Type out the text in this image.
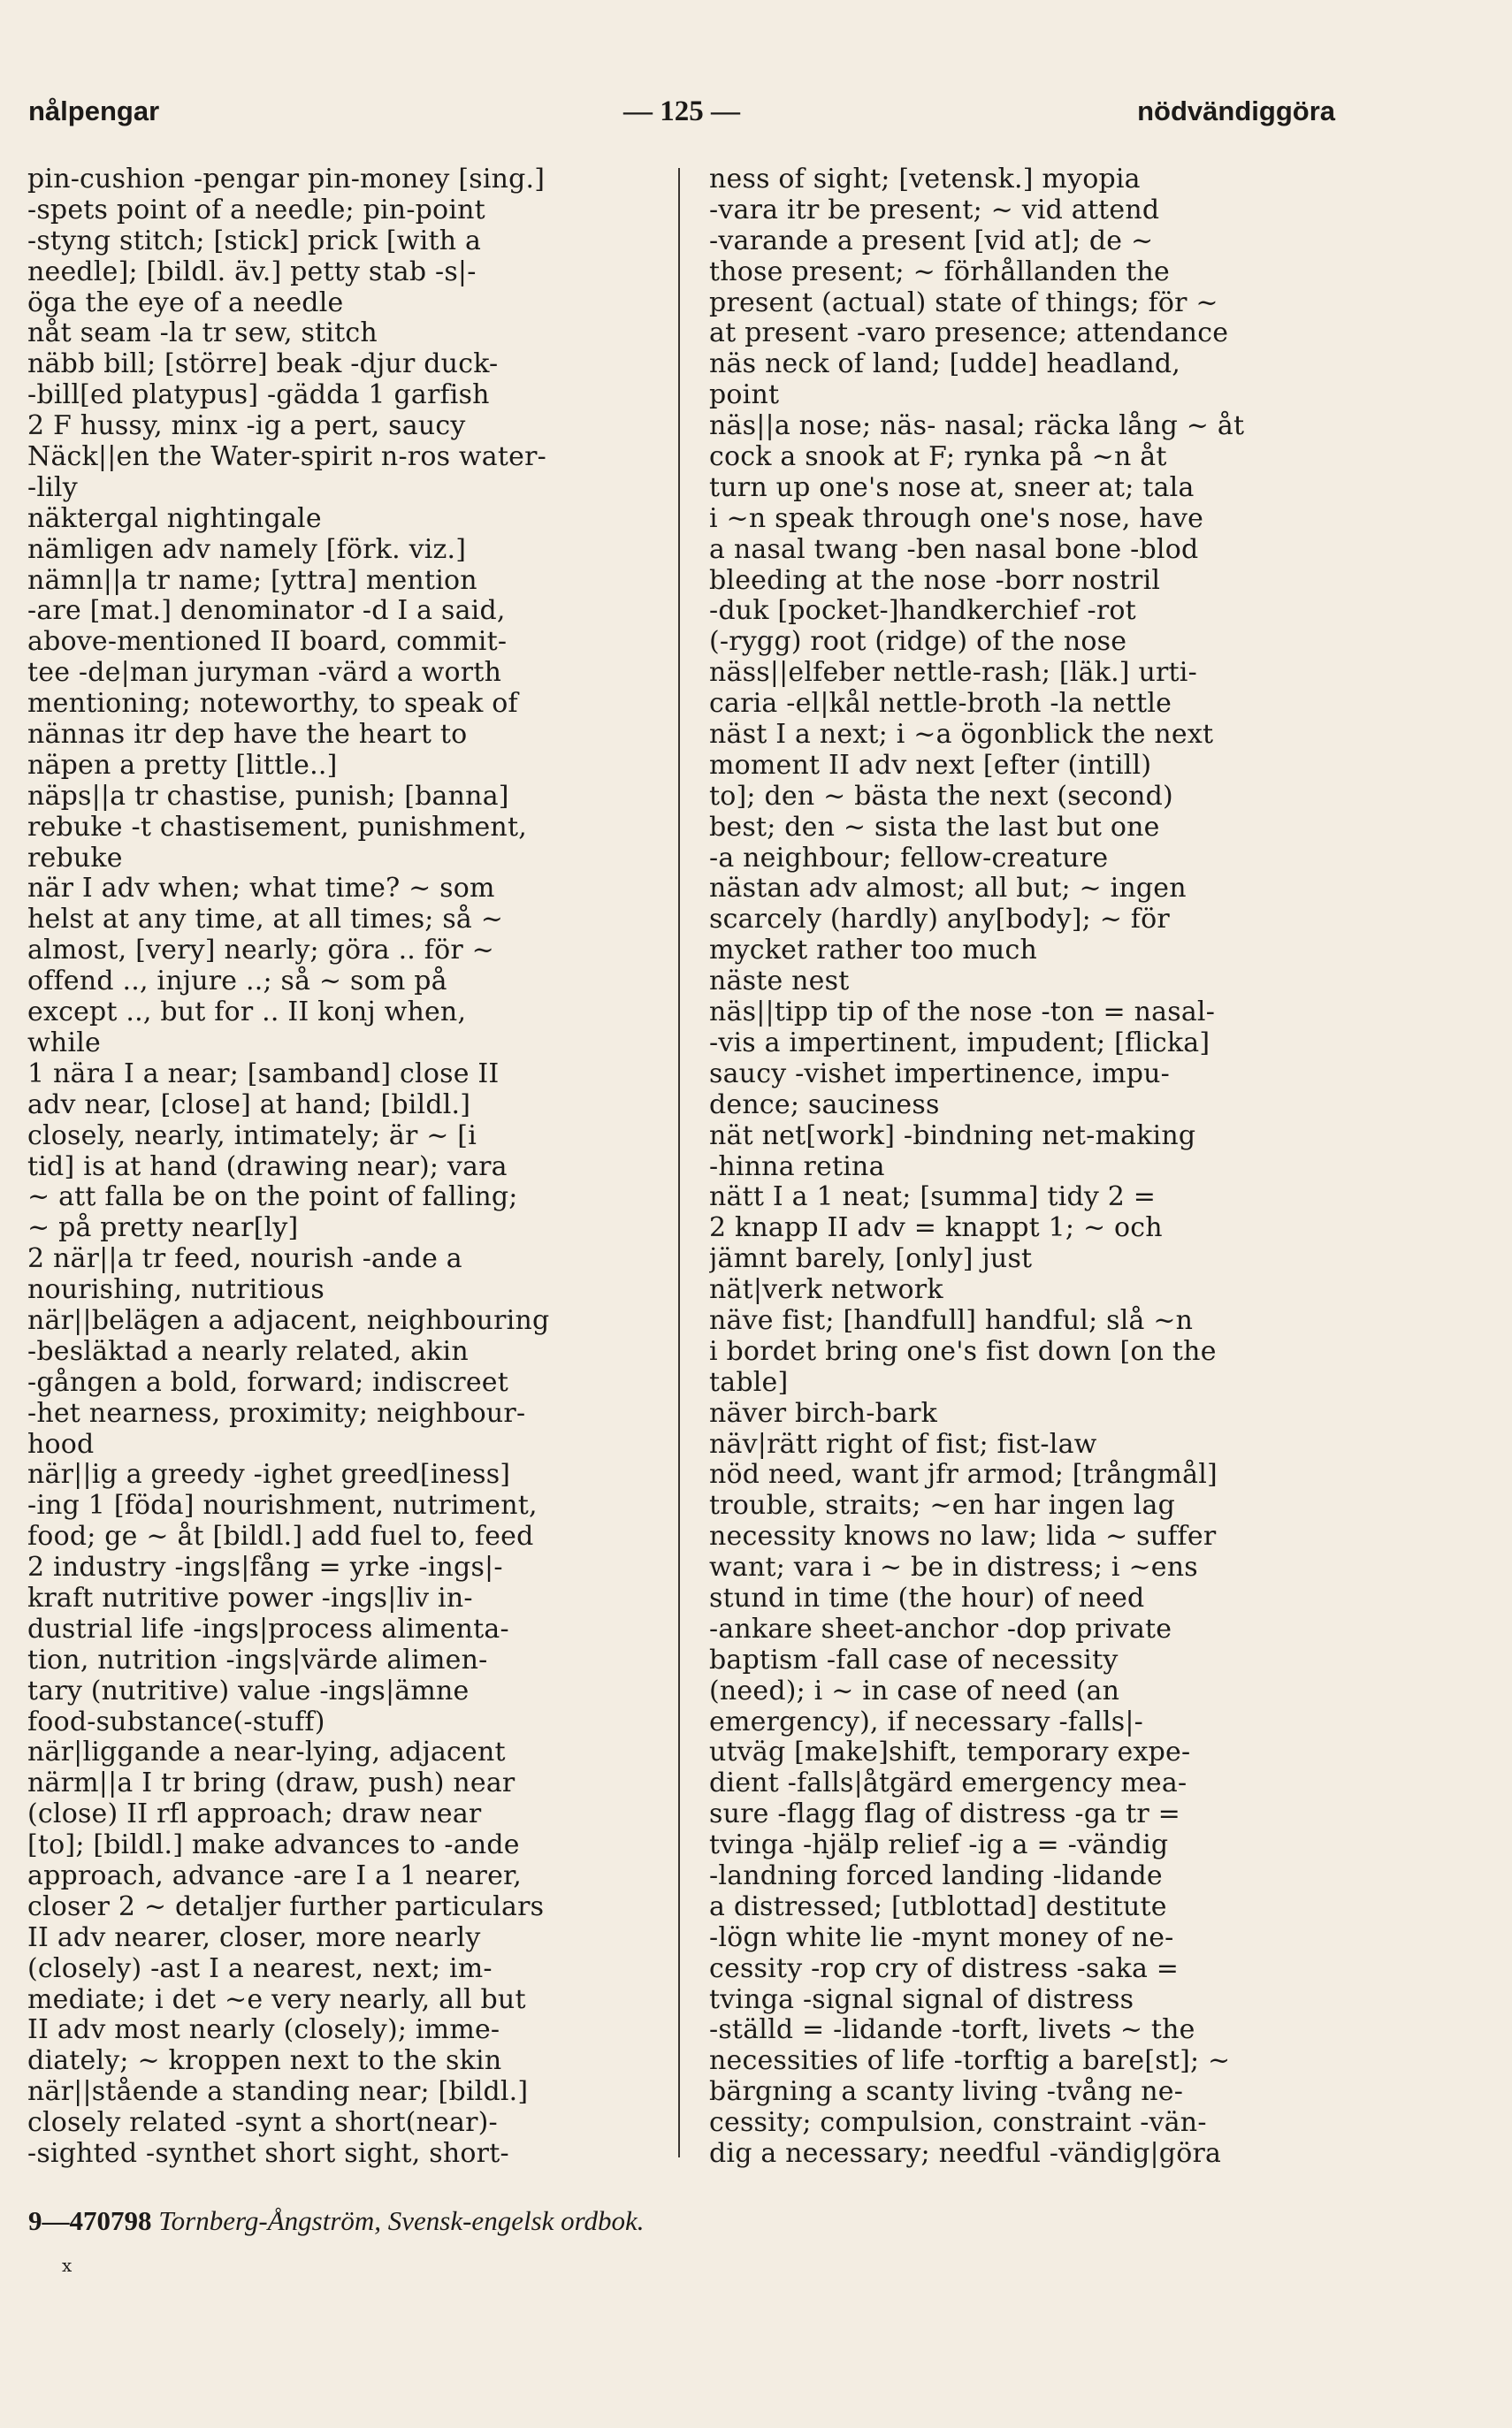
nålpengar	— 125 —	nödvändiggöra
pin-cushion -pengar pin-money [sing.]
-spets point of a needle; pin-point
-styng stitch; [stick] prick [with a
needle]; [bildl. äv.] petty stab -s|-
öga the eye of a needle
nåt seam -la tr sew, stitch
näbb bill; [större] beak -djur duck-
-bill[ed platypus] -gädda 1 garfish
2 F hussy, minx -ig a pert, saucy
Näck||en the Water-spirit n-ros water-
-lily
näktergal nightingale
nämligen adv namely [förk. viz.]
nämn||a tr name; [yttra] mention
-are [mat.] denominator -d I a said,
above-mentioned II board, commit-
tee -de|man juryman -värd a worth
mentioning; noteworthy, to speak of
nännas itr dep have the heart to
näpen a pretty [little..]
näps||a tr chastise, punish; [banna]
rebuke -t chastisement, punishment,
rebuke
när I adv when; what time? ~ som
helst at any time, at all times; så ~
almost, [very] nearly; göra .. för ~
offend .., injure ..; så ~ som på
except .., but for .. II konj when,
while
1 nära I a near; [samband] close II
adv near, [close] at hand; [bildl.]
closely, nearly, intimately; är ~ [i
tid] is at hand (drawing near); vara
~ att falla be on the point of falling;
~ på pretty near[ly]
2 när||a tr feed, nourish -ande a
nourishing, nutritious
när||belägen a adjacent, neighbouring
-besläktad a nearly related, akin
-gången a bold, forward; indiscreet
-het nearness, proximity; neighbour-
hood
när||ig a greedy -ighet greed[iness]
-ing 1 [föda] nourishment, nutriment,
food; ge ~ åt [bildl.] add fuel to, feed
2 industry -ings|fång = yrke -ings|-
kraft nutritive power -ings|liv in-
dustrial life -ings|process alimenta-
tion, nutrition -ings|värde alimen-
tary (nutritive) value -ings|ämne
food-substance(-stuff)
när|liggande a near-lying, adjacent
närm||a I tr bring (draw, push) near
(close) II rfl approach; draw near
[to]; [bildl.] make advances to -ande
approach, advance -are I a 1 nearer,
closer 2 ~ detaljer further particulars
II adv nearer, closer, more nearly
(closely) -ast I a nearest, next; im-
mediate; i det ~e very nearly, all but
II adv most nearly (closely); imme-
diately; ~ kroppen next to the skin
när||stående a standing near; [bildl.]
closely related -synt a short(near)-
-sighted -synthet short sight, short-
ness of sight; [vetensk.] myopia
-vara itr be present; ~ vid attend
-varande a present [vid at]; de ~
those present; ~ förhållanden the
present (actual) state of things; för ~
at present -varo presence; attendance
näs neck of land; [udde] headland,
point
näs||a nose; näs- nasal; räcka lång ~ åt
cock a snook at F; rynka på ~n åt
turn up one's nose at, sneer at; tala
i ~n speak through one's nose, have
a nasal twang -ben nasal bone -blod
bleeding at the nose -borr nostril
-duk [pocket-]handkerchief -rot
(-rygg) root (ridge) of the nose
näss||elfeber nettle-rash; [läk.] urti-
caria -el|kål nettle-broth -la nettle
näst I a next; i ~a ögonblick the next
moment II adv next [efter (intill)
to]; den ~ bästa the next (second)
best; den ~ sista the last but one
-a neighbour; fellow-creature
nästan adv almost; all but; ~ ingen
scarcely (hardly) any[body]; ~ för
mycket rather too much
näste nest
näs||tipp tip of the nose -ton = nasal-
-vis a impertinent, impudent; [flicka]
saucy -vishet impertinence, impu-
dence; sauciness
nät net[work] -bindning net-making
-hinna retina
nätt I a 1 neat; [summa] tidy 2 =
2 knapp II adv = knappt 1; ~ och
jämnt barely, [only] just
nät|verk network
näve fist; [handfull] handful; slå ~n
i bordet bring one's fist down [on the
table]
näver birch-bark
näv|rätt right of fist; fist-law
nöd need, want jfr armod; [trångmål]
trouble, straits; ~en har ingen lag
necessity knows no law; lida ~ suffer
want; vara i ~ be in distress; i ~ens
stund in time (the hour) of need
-ankare sheet-anchor -dop private
baptism -fall case of necessity
(need); i ~ in case of need (an
emergency), if necessary -falls|-
utväg [make]shift, temporary expe-
dient -falls|åtgärd emergency mea-
sure -flagg flag of distress -ga tr =
tvinga -hjälp relief -ig a = -vändig
-landning forced landing -lidande
a distressed; [utblottad] destitute
-lögn white lie -mynt money of ne-
cessity -rop cry of distress -saka =
tvinga -signal signal of distress
-ställd = -lidande -torft, livets ~ the
necessities of life -torftig a bare[st]; ~
bärgning a scanty living -tvång ne-
cessity; compulsion, constraint -vän-
dig a necessary; needful -vändig|göra
9—470798 Tornberg-Ångström, Svensk-engelsk ordbok.
x
